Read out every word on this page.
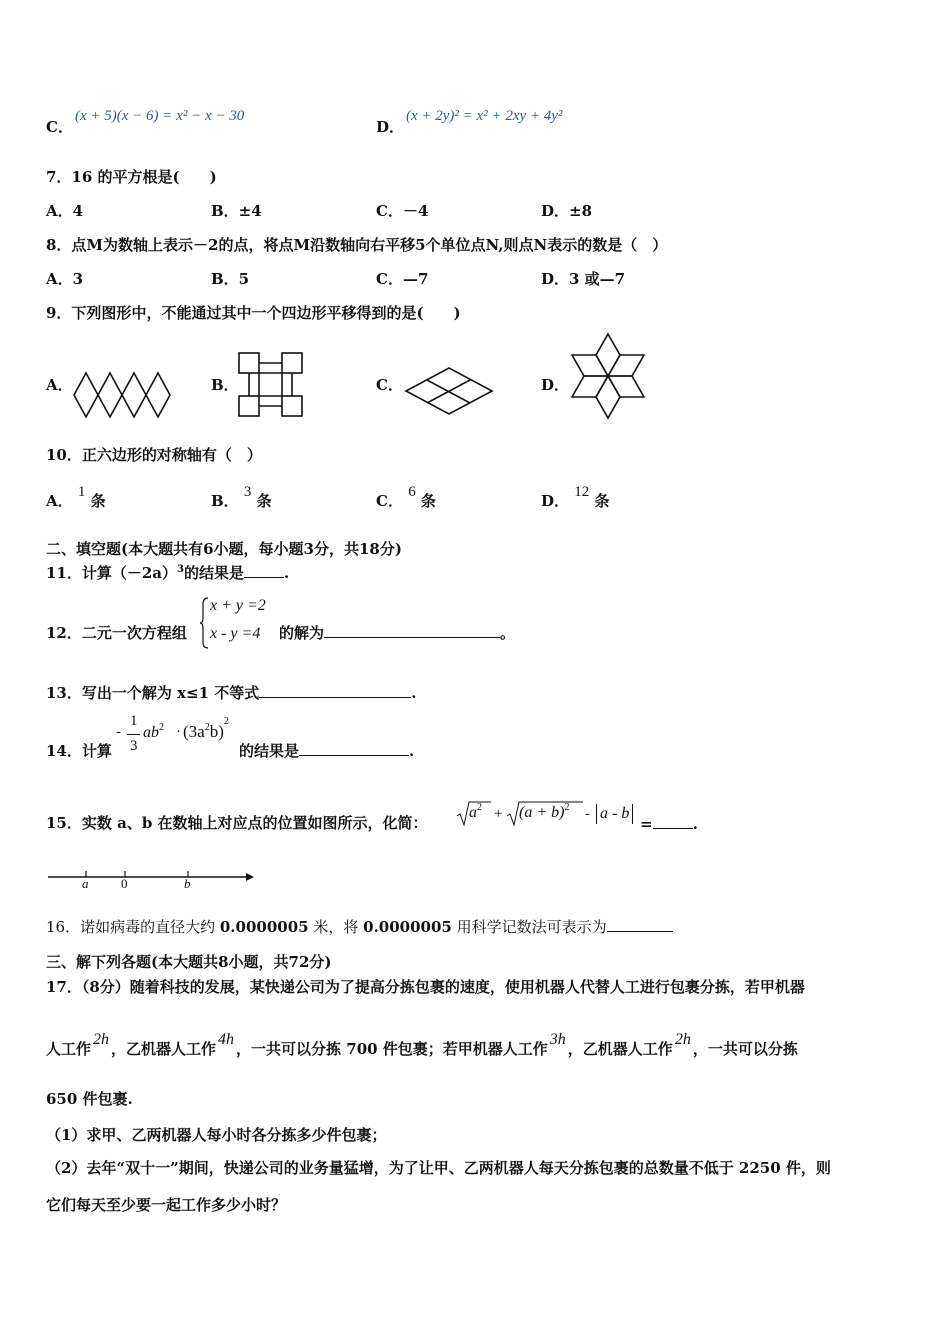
C．
(x + 5)(x − 6) = x² − x − 30
D．
(x + 2y)² = x² + 2xy + 4y²
7．16 的平方根是(　　)
A．4	B．±4	C．－4	D．±8
8．点M为数轴上表示－2的点，将点M沿数轴向右平移5个单位点N,则点N表示的数是（　）
A．3	B．5	C．—7	D．3 或—7
9．下列图形中，不能通过其中一个四边形平移得到的是(　　)
A．	B．	C．	D．
10．正六边形的对称轴有（　）
A． 1 条	B． 3 条	C． 6 条	D． 12 条
二、填空题(本大题共有6小题，每小题3分，共18分)
11．计算$(-2a)^3$的结果是	.
12．二元一次方程组
x + y =2
x - y =4 的解为	。
13．写出一个解为 x≤1 不等式	.
14．计算
-
1
3
$ab^2 \cdot (3a^2b)^2$
的结果是	.
15．实数 a、b 在数轴上对应点的位置如图所示，化简：
$a^2 + (a + b)^2 - a - b$
=	.
a	0	b
16．诺如病毒的直径大约 0.0000005 米，将 0.0000005 用科学记数法可表示为
三、解下列各题(本大题共8小题，共72分)
17．（8分）随着科技的发展，某快递公司为了提高分拣包裹的速度，使用机器人代替人工进行包裹分拣，若甲机器
人工作2h，乙机器人工作4h，一共可以分拣 700 件包裹；若甲机器人工作3h，乙机器人工作2h，一共可以分拣
650 件包裹.
（1）求甲、乙两机器人每小时各分拣多少件包裹；
（2）去年“双十一”期间，快递公司的业务量猛增，为了让甲、乙两机器人每天分拣包裹的总数量不低于 2250 件，则
它们每天至少要一起工作多少小时？
